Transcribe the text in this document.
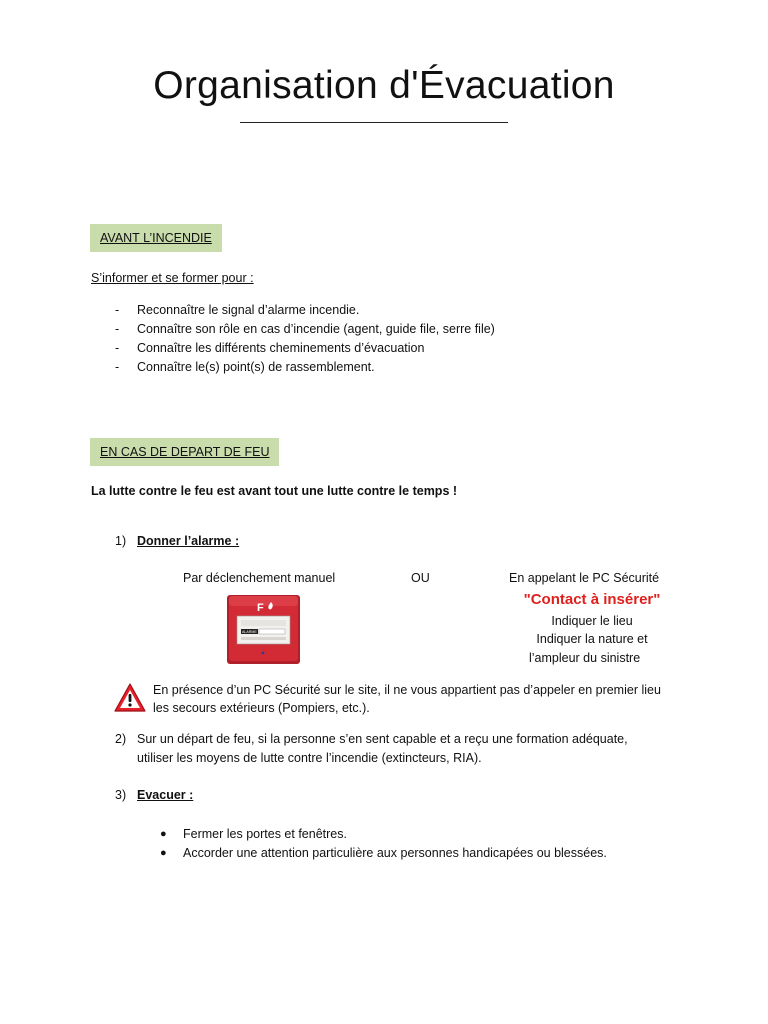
Organisation d'Évacuation
AVANT L’INCENDIE
S’informer et se former pour :
- Reconnaître le signal d’alarme incendie.
- Connaître son rôle en cas d’incendie (agent, guide file, serre file)
- Connaître les différents cheminements d’évacuation
- Connaître le(s) point(s) de rassemblement.
EN CAS DE DEPART DE FEU
La lutte contre le feu est avant tout une lutte contre le temps !
1) Donner l’alarme :
Par déclenchement manuel	OU	En appelant le PC Sécurité
"Contact à insérer"
Indiquer le lieu
Indiquer la nature et
l’ampleur du sinistre
F
ALARME
En présence d’un PC Sécurité sur le site, il ne vous appartient pas d’appeler en premier lieu
les secours extérieurs (Pompiers, etc.).
2) Sur un départ de feu, si la personne s’en sent capable et a reçu une formation adéquate,
utiliser les moyens de lutte contre l’incendie (extincteurs, RIA).
3) Evacuer :
● Fermer les portes et fenêtres.
● Accorder une attention particulière aux personnes handicapées ou blessées.
